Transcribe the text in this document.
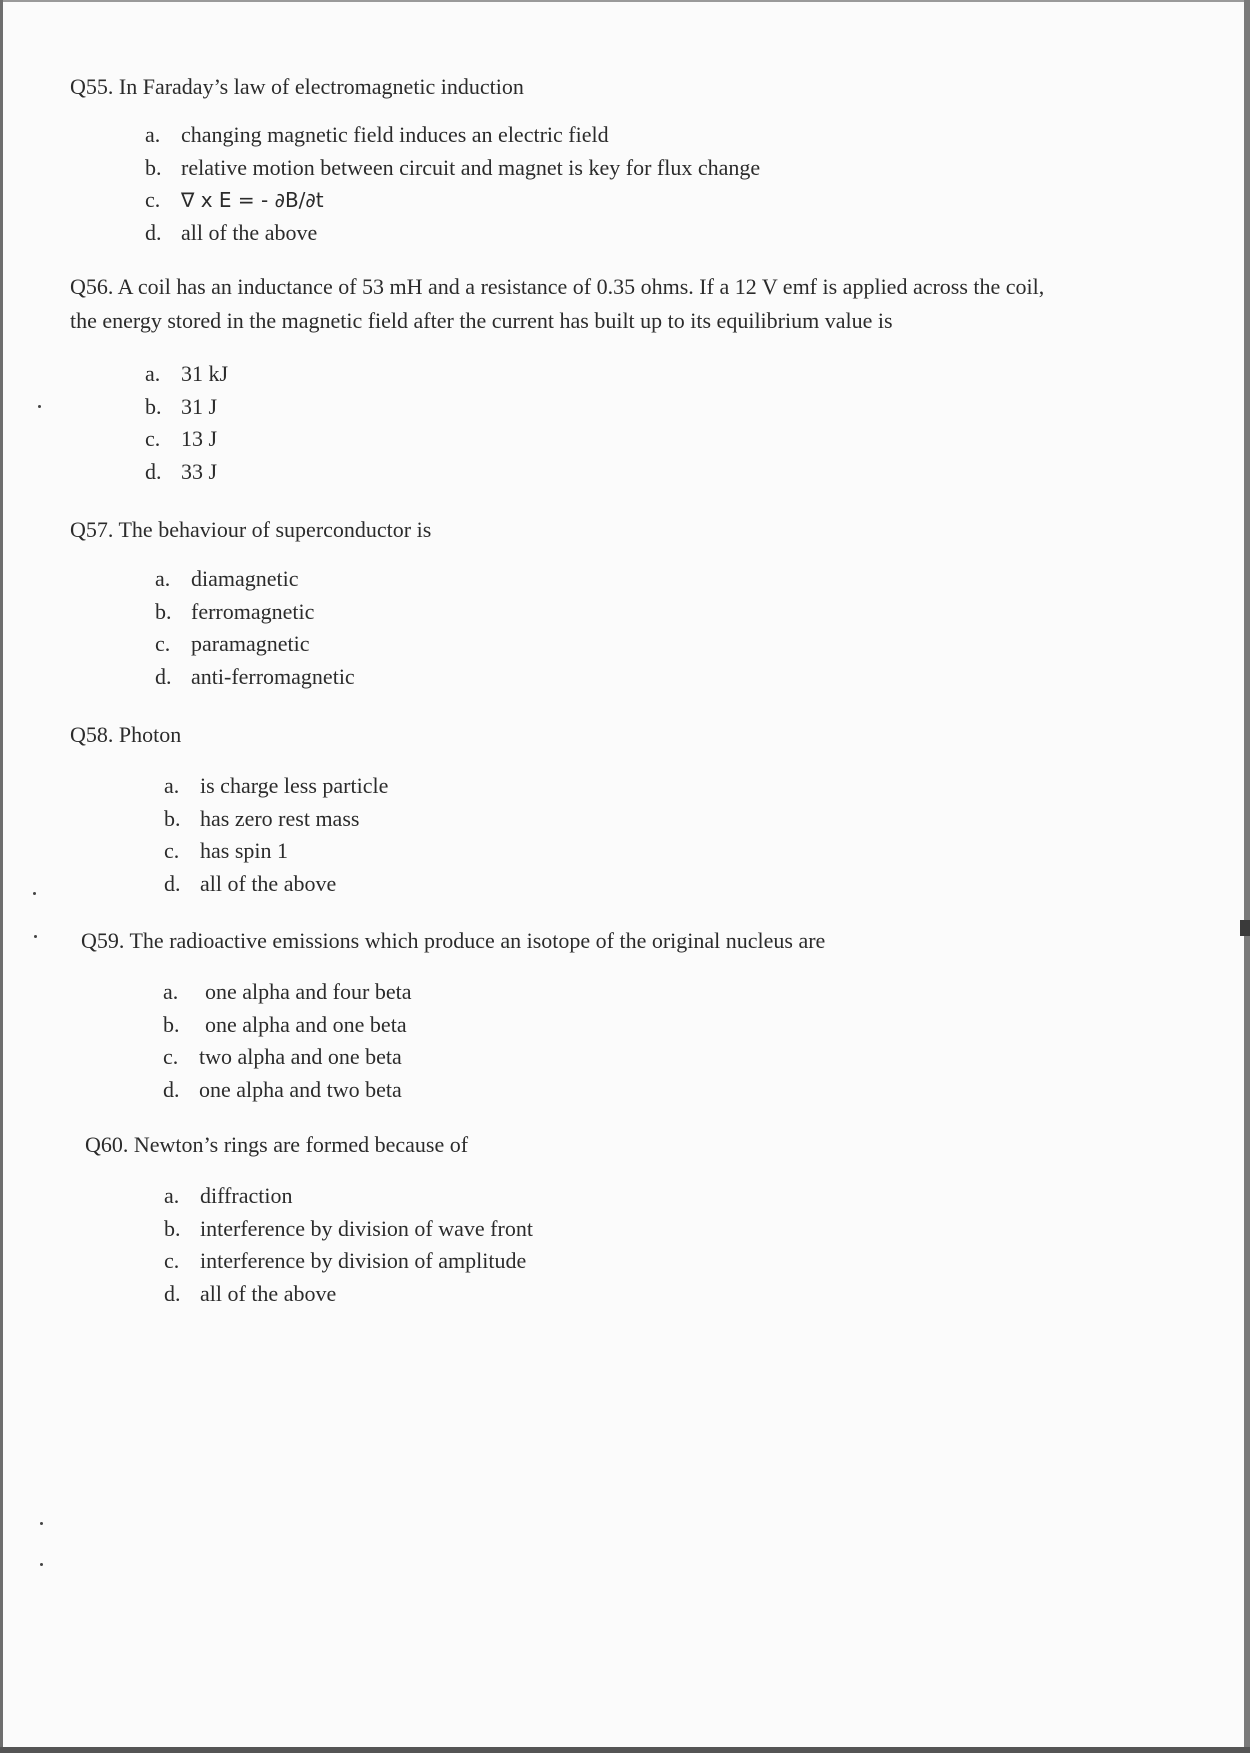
Q55. In Faraday’s law of electromagnetic induction

a. changing magnetic field induces an electric field
b. relative motion between circuit and magnet is key for flux change
c. ∇ x E = - ∂B/∂t
d. all of the above

Q56. A coil has an inductance of 53 mH and a resistance of 0.35 ohms. If a 12 V emf is applied across the coil,

the energy stored in the magnetic field after the current has built up to its equilibrium value is

a. 31 kJ
b. 31 J
c. 13 J
d. 33 J

Q57. The behaviour of superconductor is

a. diamagnetic
b. ferromagnetic
c. paramagnetic
d. anti-ferromagnetic

Q58. Photon

a. is charge less particle
b. has zero rest mass
c. has spin 1
d. all of the above

Q59. The radioactive emissions which produce an isotope of the original nucleus are

a. one alpha and four beta
b. one alpha and one beta
c. two alpha and one beta
d. one alpha and two beta

Q60. Newton’s rings are formed because of

a. diffraction
b. interference by division of wave front
c. interference by division of amplitude
d. all of the above
